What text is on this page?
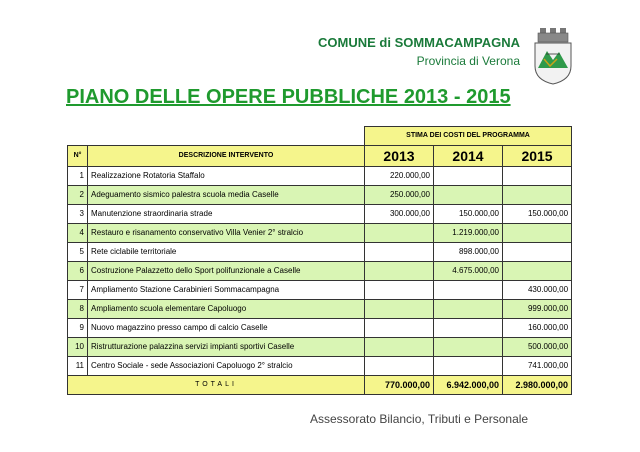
COMUNE di SOMMACAMPAGNA
Provincia di Verona
PIANO DELLE OPERE PUBBLICHE 2013 - 2015
		STIMA DEI COSTI DEL PROGRAMMA		
N°	DESCRIZIONE INTERVENTO	2013	2014	2015

1	Realizzazione Rotatoria Staffalo	220.000,00		
2	Adeguamento sismico palestra scuola media Caselle	250.000,00		
3	Manutenzione straordinaria strade	300.000,00	150.000,00	150.000,00
4	Restauro e risanamento conservativo Villa Venier 2° stralcio		1.219.000,00	
5	Rete ciclabile territoriale		898.000,00	
6	Costruzione Palazzetto dello Sport polifunzionale a Caselle		4.675.000,00	
7	Ampliamento Stazione Carabinieri Sommacampagna			430.000,00
8	Ampliamento scuola elementare Capoluogo			999.000,00
9	Nuovo magazzino presso campo di calcio Caselle			160.000,00
10	Ristrutturazione palazzina servizi impianti sportivi Caselle			500.000,00
11	Centro Sociale - sede Associazioni Capoluogo 2° stralcio			741.000,00
TOTALI		770.000,00	6.942.000,00	2.980.000,00
Assessorato Bilancio, Tributi e Personale
